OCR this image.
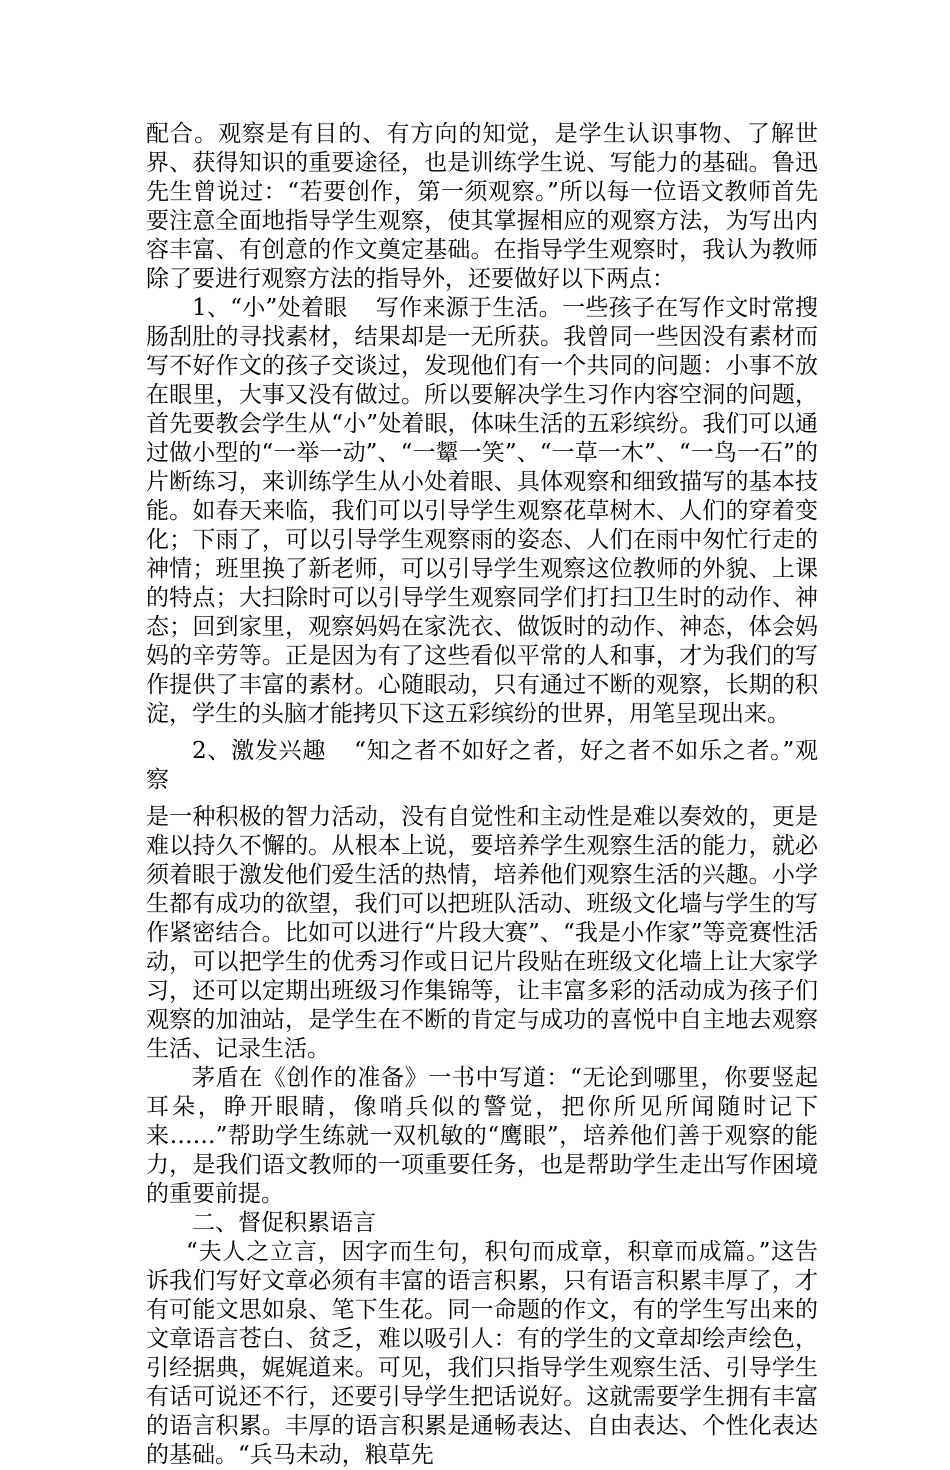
配合。观察是有目的、有方向的知觉，是学生认识事物、了解世界、获得知识的重要途径，也是训练学生说、写能力的基础。鲁迅先生曾说过：“若要创作，第一须观察。”所以每一位语文教师首先要注意全面地指导学生观察，使其掌握相应的观察方法，为写出内容丰富、有创意的作文奠定基础。在指导学生观察时，我认为教师除了要进行观察方法的指导外，还要做好以下两点：

1、“小”处着眼 写作来源于生活。一些孩子在写作文时常搜肠刮肚的寻找素材，结果却是一无所获。我曾同一些因没有素材而写不好作文的孩子交谈过，发现他们有一个共同的问题：小事不放在眼里，大事又没有做过。所以要解决学生习作内容空洞的问题，首先要教会学生从“小”处着眼，体味生活的五彩缤纷。我们可以通过做小型的“一举一动”、“一颦一笑”、“一草一木”、“一鸟一石”的片断练习，来训练学生从小处着眼、具体观察和细致描写的基本技能。如春天来临，我们可以引导学生观察花草树木、人们的穿着变化；下雨了，可以引导学生观察雨的姿态、人们在雨中匆忙行走的神情；班里换了新老师，可以引导学生观察这位教师的外貌、上课的特点；大扫除时可以引导学生观察同学们打扫卫生时的动作、神态；回到家里，观察妈妈在家洗衣、做饭时的动作、神态，体会妈妈的辛劳等。正是因为有了这些看似平常的人和事，才为我们的写作提供了丰富的素材。心随眼动，只有通过不断的观察，长期的积淀，学生的头脑才能拷贝下这五彩缤纷的世界，用笔呈现出来。

2、激发兴趣 “知之者不如好之者，好之者不如乐之者。”观察

是一种积极的智力活动，没有自觉性和主动性是难以奏效的，更是难以持久不懈的。从根本上说，要培养学生观察生活的能力，就必须着眼于激发他们爱生活的热情，培养他们观察生活的兴趣。小学生都有成功的欲望，我们可以把班队活动、班级文化墙与学生的写作紧密结合。比如可以进行“片段大赛”、“我是小作家”等竞赛性活动，可以把学生的优秀习作或日记片段贴在班级文化墙上让大家学习，还可以定期出班级习作集锦等，让丰富多彩的活动成为孩子们观察的加油站，是学生在不断的肯定与成功的喜悦中自主地去观察生活、记录生活。

茅盾在《创作的准备》一书中写道：“无论到哪里，你要竖起耳朵，睁开眼睛，像哨兵似的警觉，把你所见所闻随时记下来……”帮助学生练就一双机敏的“鹰眼”，培养他们善于观察的能力，是我们语文教师的一项重要任务，也是帮助学生走出写作困境的重要前提。

二、督促积累语言

“夫人之立言，因字而生句，积句而成章，积章而成篇。”这告诉我们写好文章必须有丰富的语言积累，只有语言积累丰厚了，才有可能文思如泉、笔下生花。同一命题的作文，有的学生写出来的文章语言苍白、贫乏，难以吸引人：有的学生的文章却绘声绘色，引经据典，娓娓道来。可见，我们只指导学生观察生活、引导学生有话可说还不行，还要引导学生把话说好。这就需要学生拥有丰富的语言积累。丰厚的语言积累是通畅表达、自由表达、个性化表达的基础。“兵马未动，粮草先
